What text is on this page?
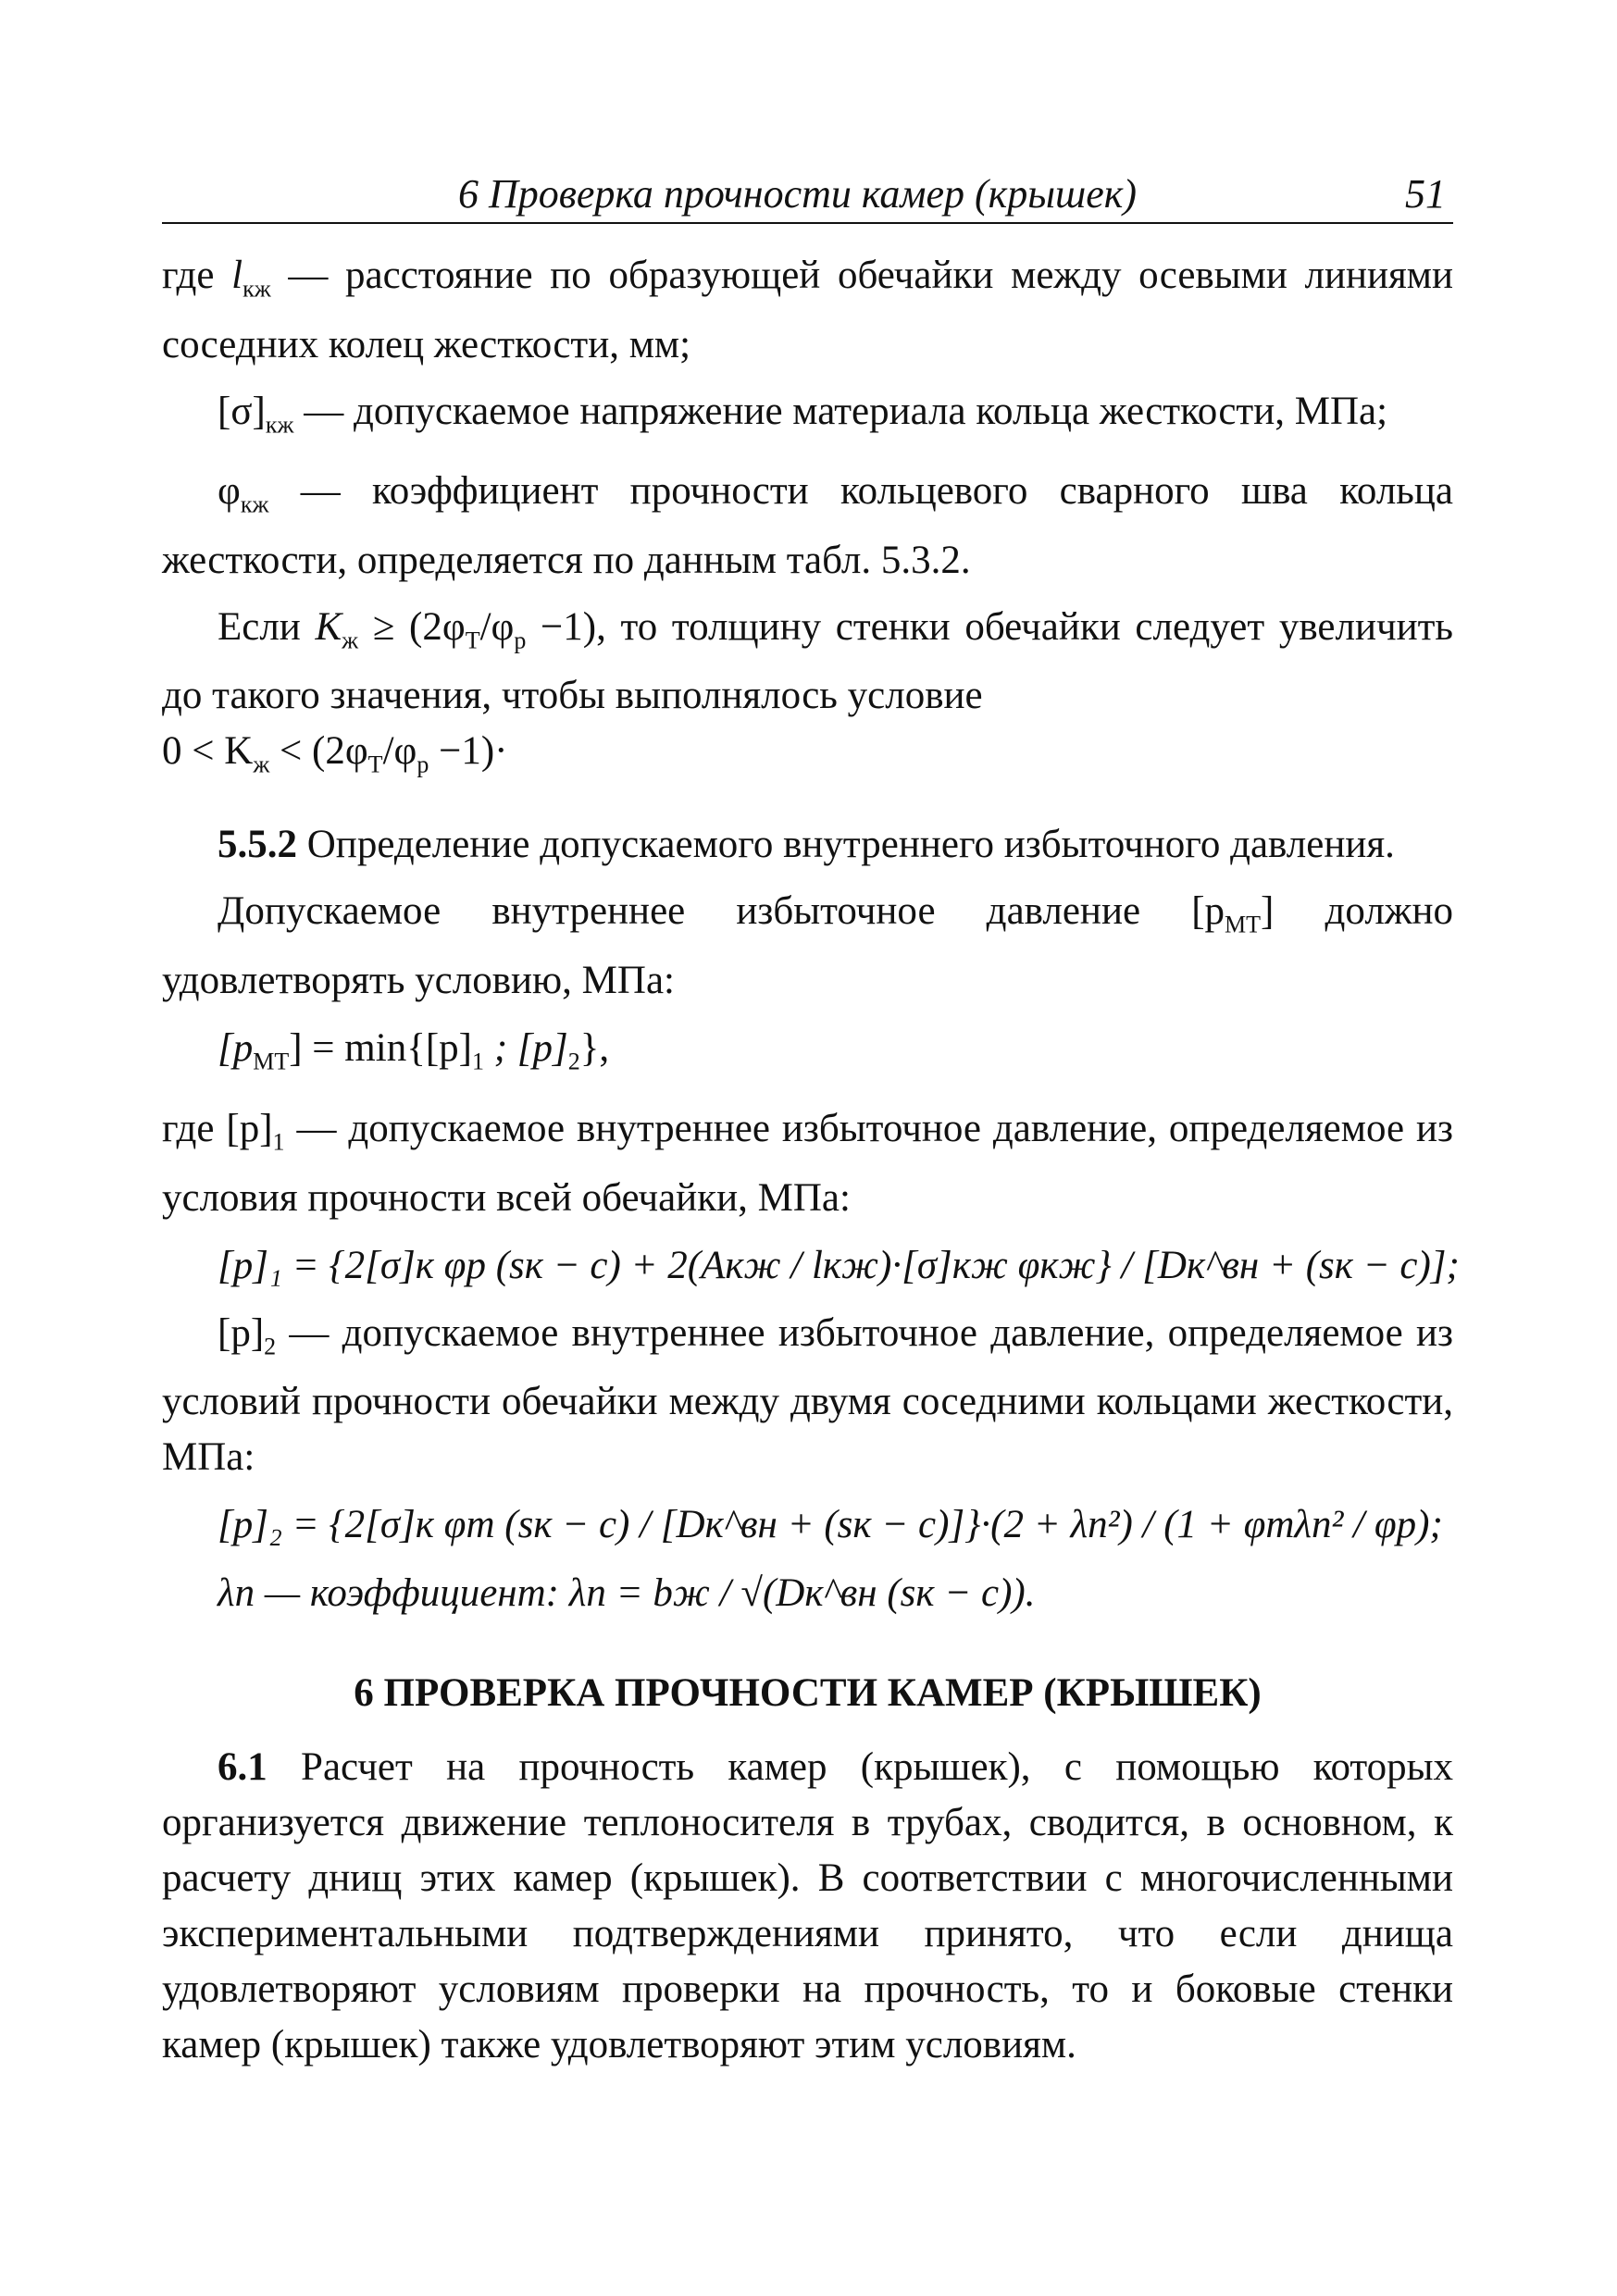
6 Проверка прочности камер (крышек)	51

где $l_{кж}$ — расстояние по образующей обечайки между осевыми линиями соседних колец жесткости, мм;

$[\sigma]_{кж}$ — допускаемое напряжение материала кольца жесткости, МПа;

$\varphi_{кж}$ — коэффициент прочности кольцевого сварного шва кольца жесткости, определяется по данным табл. 5.3.2.

Если $K_ж \ge (2\varphi_Т/\varphi_р -1)$, то толщину стенки обечайки следует увеличить до такого значения, чтобы выполнялось условие
$0 < K_ж < (2\varphi_Т/\varphi_р -1)\cdot$

5.5.2 Определение допускаемого внутреннего избыточного давления.

Допускаемое внутреннее избыточное давление $[p_{МТ}]$ должно удовлетворять условию, МПа:

$[p_{МТ}] = \min\{[p]_1$ ; $[p]_2$},

где $[p]_1$ — допускаемое внутреннее избыточное давление, определяемое из условия прочности всей обечайки, МПа:

[p]₁ = {2[σ]к φр (sк − c) + 2(Aкж / lкж)·[σ]кж φкж} / [Dк^вн + (sк − c)];

$[p]_2$ — допускаемое внутреннее избыточное давление, определяемое из условий прочности обечайки между двумя соседними кольцами жесткости, МПа:

[p]₂ = {2[σ]к φт (sк − c) / [Dк^вн + (sк − c)]}·(2 + λn²) / (1 + φтλn² / φр);

λn — коэффициент: λn = bж / √(Dк^вн (sк − c)).

6 ПРОВЕРКА ПРОЧНОСТИ КАМЕР (КРЫШЕК)

6.1 Расчет на прочность камер (крышек), с помощью которых организуется движение теплоносителя в трубах, сводится, в основном, к расчету днищ этих камер (крышек). В соответствии с многочисленными экспериментальными подтверждениями принято, что если днища удовлетворяют условиям проверки на прочность, то и боковые стенки камер (крышек) также удовлетворяют этим условиям.
